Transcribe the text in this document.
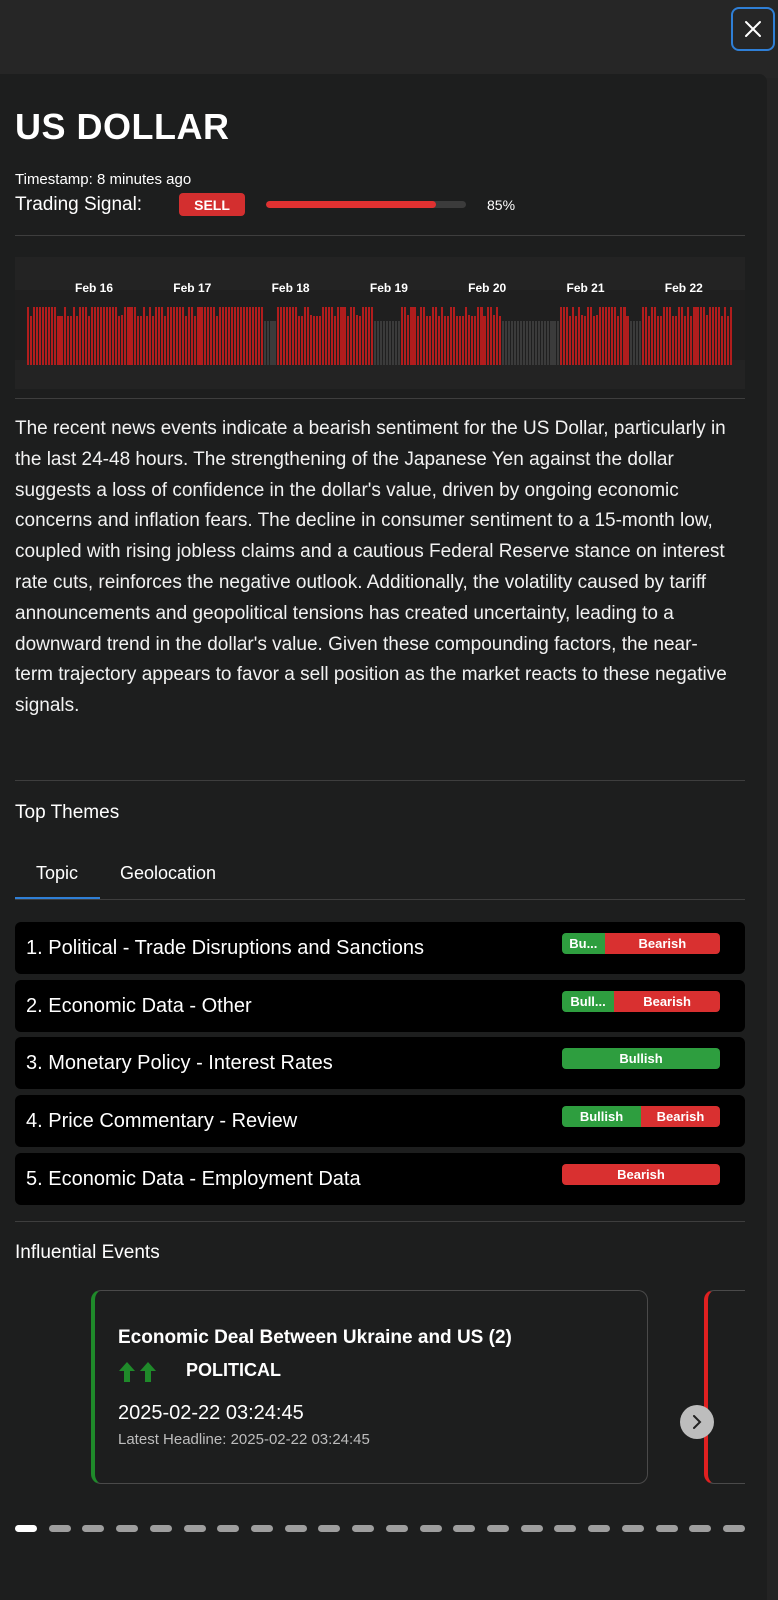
US DOLLAR
Timestamp: 8 minutes ago
Trading Signal:	SELL	85%
Feb 16	Feb 17	Feb 18	Feb 19	Feb 20	Feb 21	Feb 22

The recent news events indicate a bearish sentiment for the US Dollar, particularly in the last 24-48 hours. The strengthening of the Japanese Yen against the dollar suggests a loss of confidence in the dollar's value, driven by ongoing economic concerns and inflation fears. The decline in consumer sentiment to a 15-month low, coupled with rising jobless claims and a cautious Federal Reserve stance on interest rate cuts, reinforces the negative outlook. Additionally, the volatility caused by tariff announcements and geopolitical tensions has created uncertainty, leading to a downward trend in the dollar's value. Given these compounding factors, the near-term trajectory appears to favor a sell position as the market reacts to these negative signals.

Top Themes
Topic Geolocation
1. Political - Trade Disruptions and Sanctions	Bu...	Bearish
2. Economic Data - Other	Bull...	Bearish
3. Monetary Policy - Interest Rates	Bullish
4. Price Commentary - Review	Bullish	Bearish
5. Economic Data - Employment Data	Bearish
Influential Events
Economic Deal Between Ukraine and US (2)
POLITICAL
2025-02-22 03:24:45
Latest Headline: 2025-02-22 03:24:45
